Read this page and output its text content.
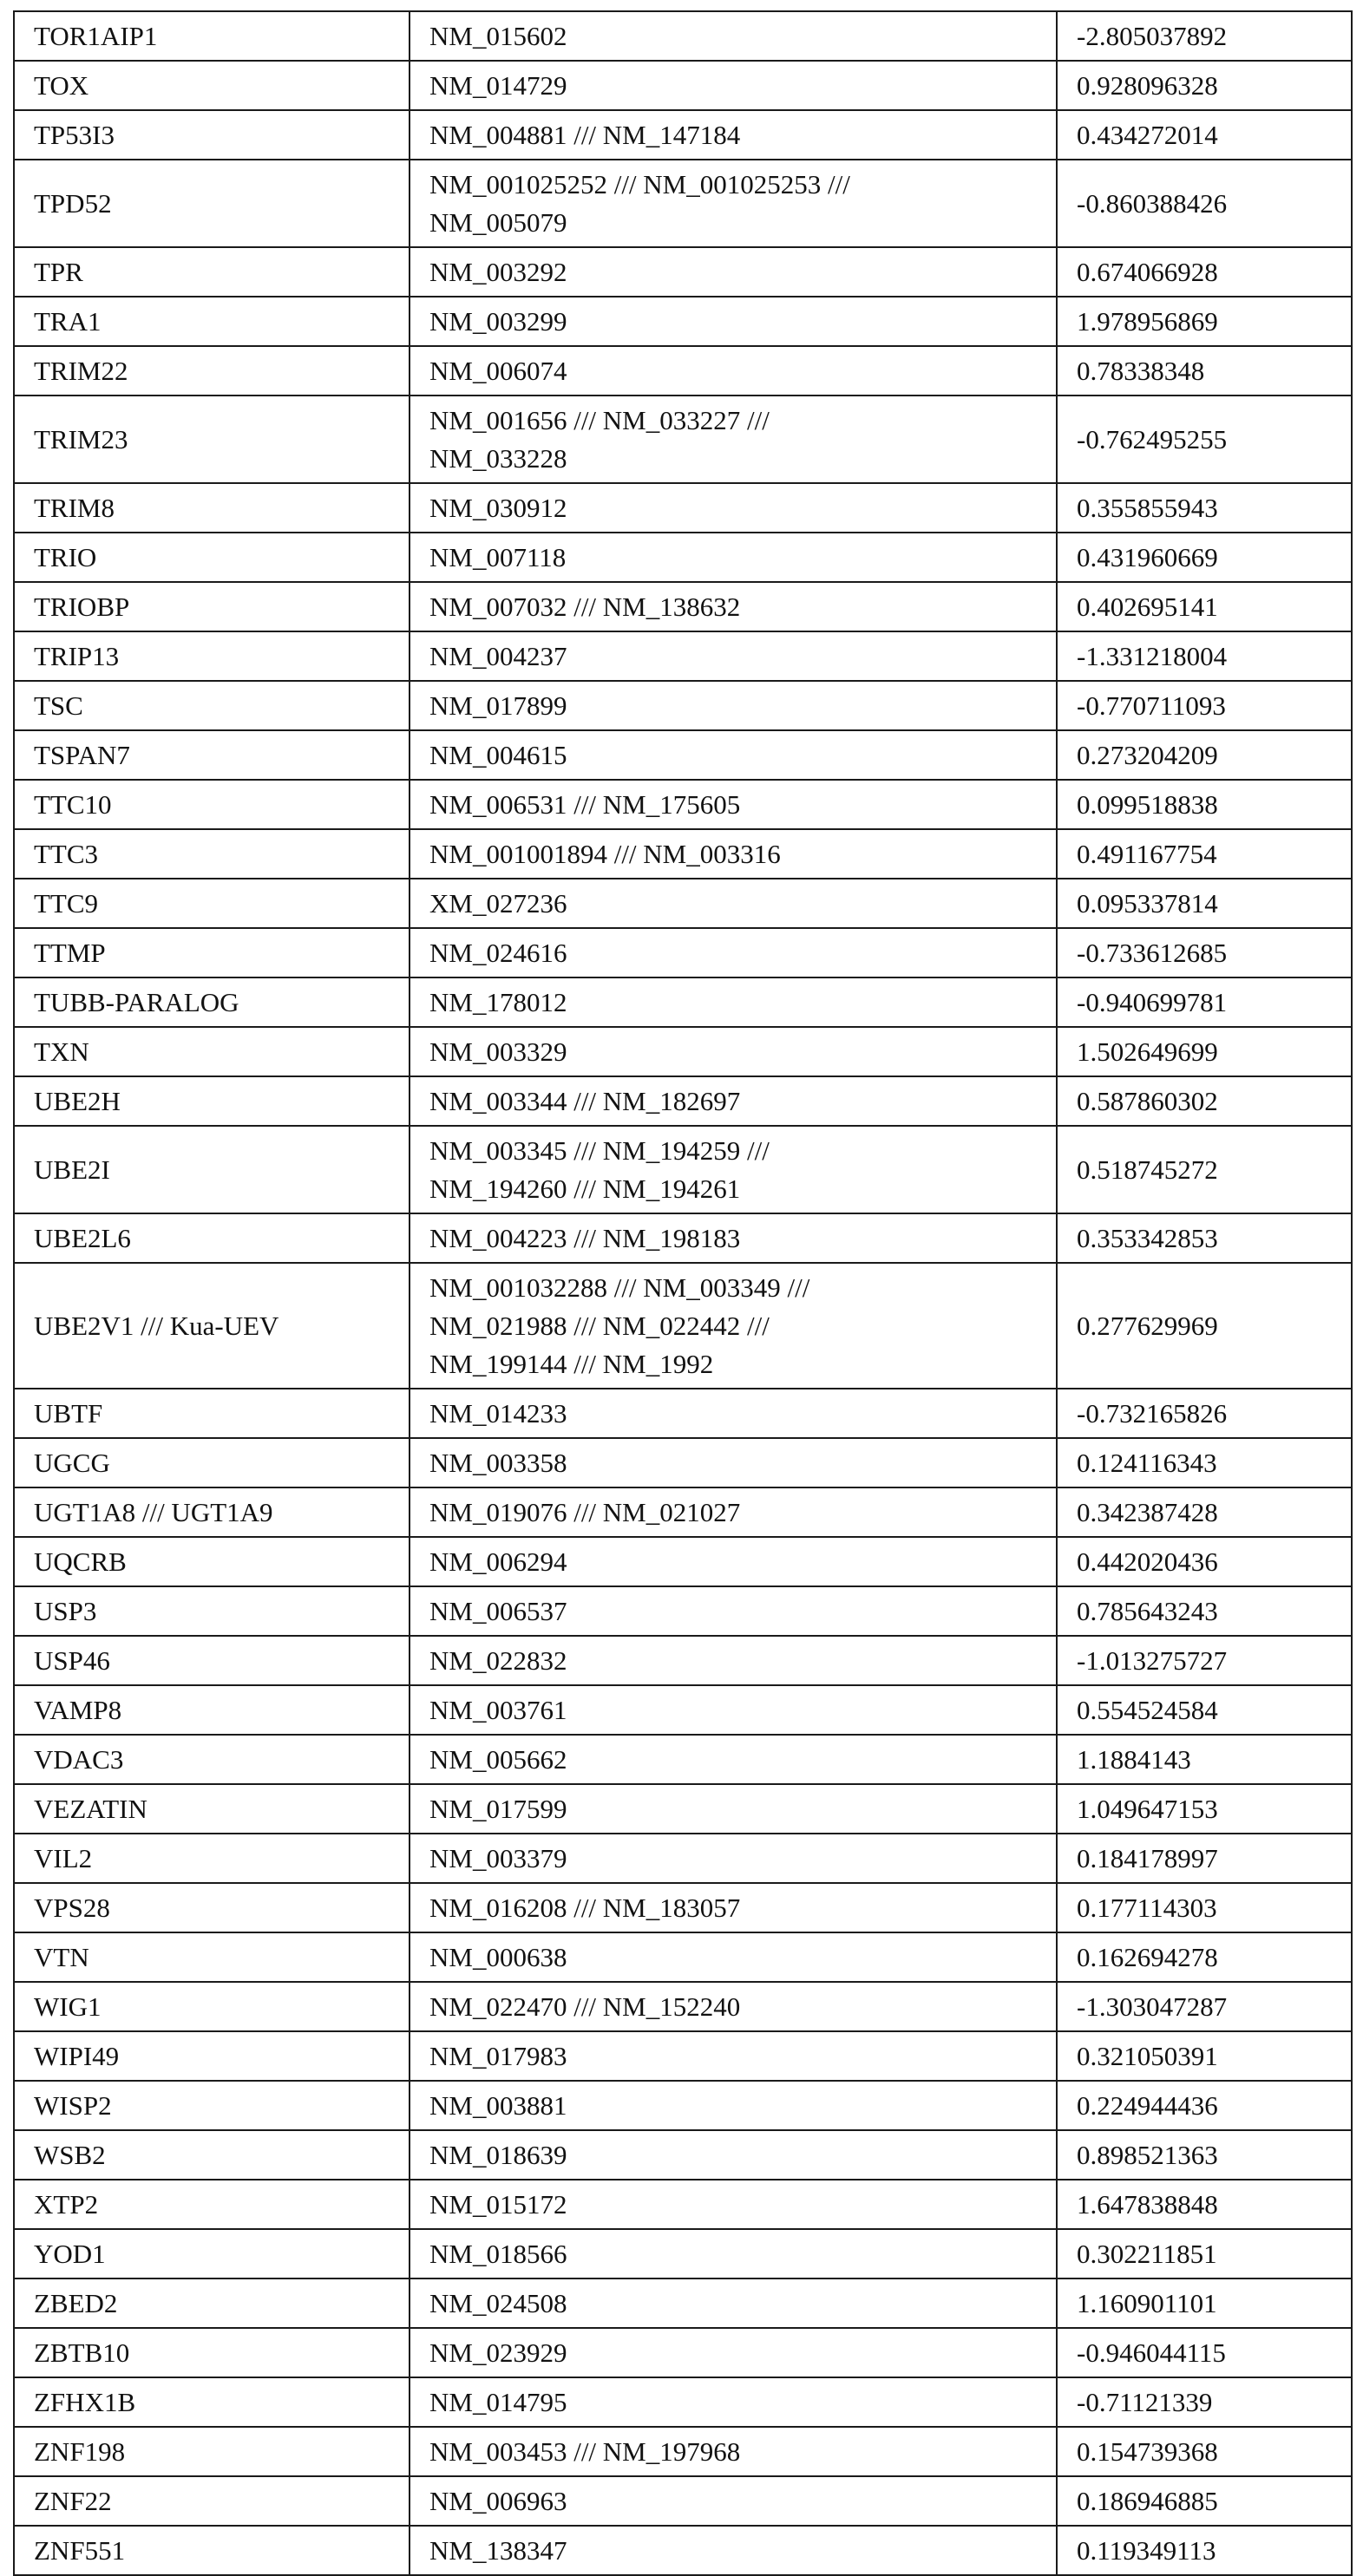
TOR1AIP1	NM_015602	-2.805037892
TOX	NM_014729	0.928096328
TP53I3	NM_004881 /// NM_147184	0.434272014
TPD52	
NM_001025252 /// NM_001025253 ///
NM_005079
	-0.860388426
TPR	NM_003292	0.674066928
TRA1	NM_003299	1.978956869
TRIM22	NM_006074	0.78338348
TRIM23	
NM_001656 /// NM_033227 ///
NM_033228
	-0.762495255
TRIM8	NM_030912	0.355855943
TRIO	NM_007118	0.431960669
TRIOBP	NM_007032 /// NM_138632	0.402695141
TRIP13	NM_004237	-1.331218004
TSC	NM_017899	-0.770711093
TSPAN7	NM_004615	0.273204209
TTC10	NM_006531 /// NM_175605	0.099518838
TTC3	NM_001001894 /// NM_003316	0.491167754
TTC9	XM_027236	0.095337814
TTMP	NM_024616	-0.733612685
TUBB-PARALOG	NM_178012	-0.940699781
TXN	NM_003329	1.502649699
UBE2H	NM_003344 /// NM_182697	0.587860302
UBE2I	
NM_003345 /// NM_194259 ///
NM_194260 /// NM_194261
	0.518745272
UBE2L6	NM_004223 /// NM_198183	0.353342853
UBE2V1 /// Kua-UEV	
NM_001032288 /// NM_003349 ///
NM_021988 /// NM_022442 ///
NM_199144 /// NM_1992
	0.277629969
UBTF	NM_014233	-0.732165826
UGCG	NM_003358	0.124116343
UGT1A8 /// UGT1A9	NM_019076 /// NM_021027	0.342387428
UQCRB	NM_006294	0.442020436
USP3	NM_006537	0.785643243
USP46	NM_022832	-1.013275727
VAMP8	NM_003761	0.554524584
VDAC3	NM_005662	1.1884143
VEZATIN	NM_017599	1.049647153
VIL2	NM_003379	0.184178997
VPS28	NM_016208 /// NM_183057	0.177114303
VTN	NM_000638	0.162694278
WIG1	NM_022470 /// NM_152240	-1.303047287
WIPI49	NM_017983	0.321050391
WISP2	NM_003881	0.224944436
WSB2	NM_018639	0.898521363
XTP2	NM_015172	1.647838848
YOD1	NM_018566	0.302211851
ZBED2	NM_024508	1.160901101
ZBTB10	NM_023929	-0.946044115
ZFHX1B	NM_014795	-0.71121339
ZNF198	NM_003453 /// NM_197968	0.154739368
ZNF22	NM_006963	0.186946885
ZNF551	NM_138347	0.119349113
